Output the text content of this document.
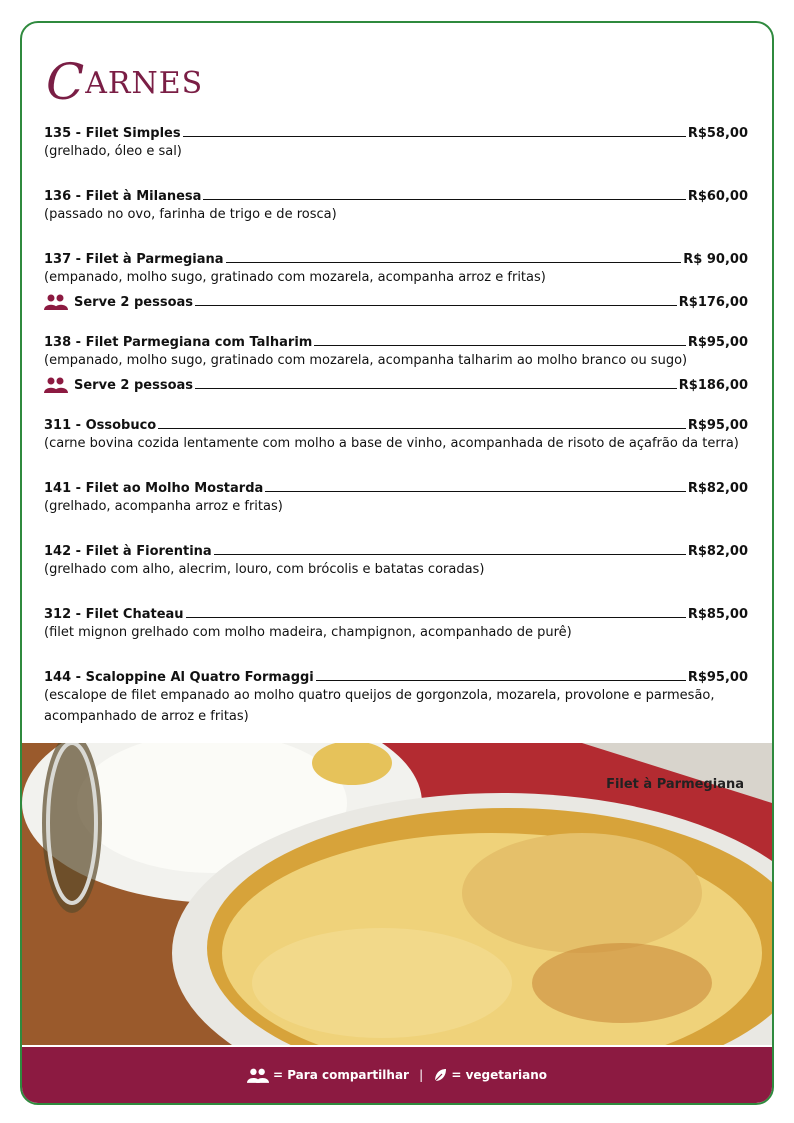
CARNES
135 - Filet Simples	R$58,00
(grelhado, óleo e sal)
136 - Filet à Milanesa	R$60,00
(passado no ovo, farinha de trigo e de rosca)
137 - Filet à Parmegiana	R$ 90,00
(empanado, molho sugo, gratinado com mozarela, acompanha arroz e fritas)
Serve 2 pessoas	R$176,00
138 - Filet Parmegiana com Talharim	R$95,00
(empanado, molho sugo, gratinado com mozarela, acompanha talharim ao molho branco ou sugo)
Serve 2 pessoas	R$186,00
311 - Ossobuco	R$95,00
(carne bovina cozida lentamente com molho a base de vinho, acompanhada de risoto de açafrão da terra)
141 - Filet ao Molho Mostarda	R$82,00
(grelhado, acompanha arroz e fritas)
142 - Filet à Fiorentina	R$82,00
(grelhado com alho, alecrim, louro, com brócolis e batatas coradas)
312 - Filet Chateau	R$85,00
(filet mignon grelhado com molho madeira, champignon, acompanhado de purê)
144 - Scaloppine Al Quatro Formaggi	R$95,00
(escalope de filet empanado ao molho quatro queijos de gorgonzola, mozarela, provolone e parmesão, acompanhado de arroz e fritas)
Filet à Parmegiana
= Para compartilhar | = vegetariano
